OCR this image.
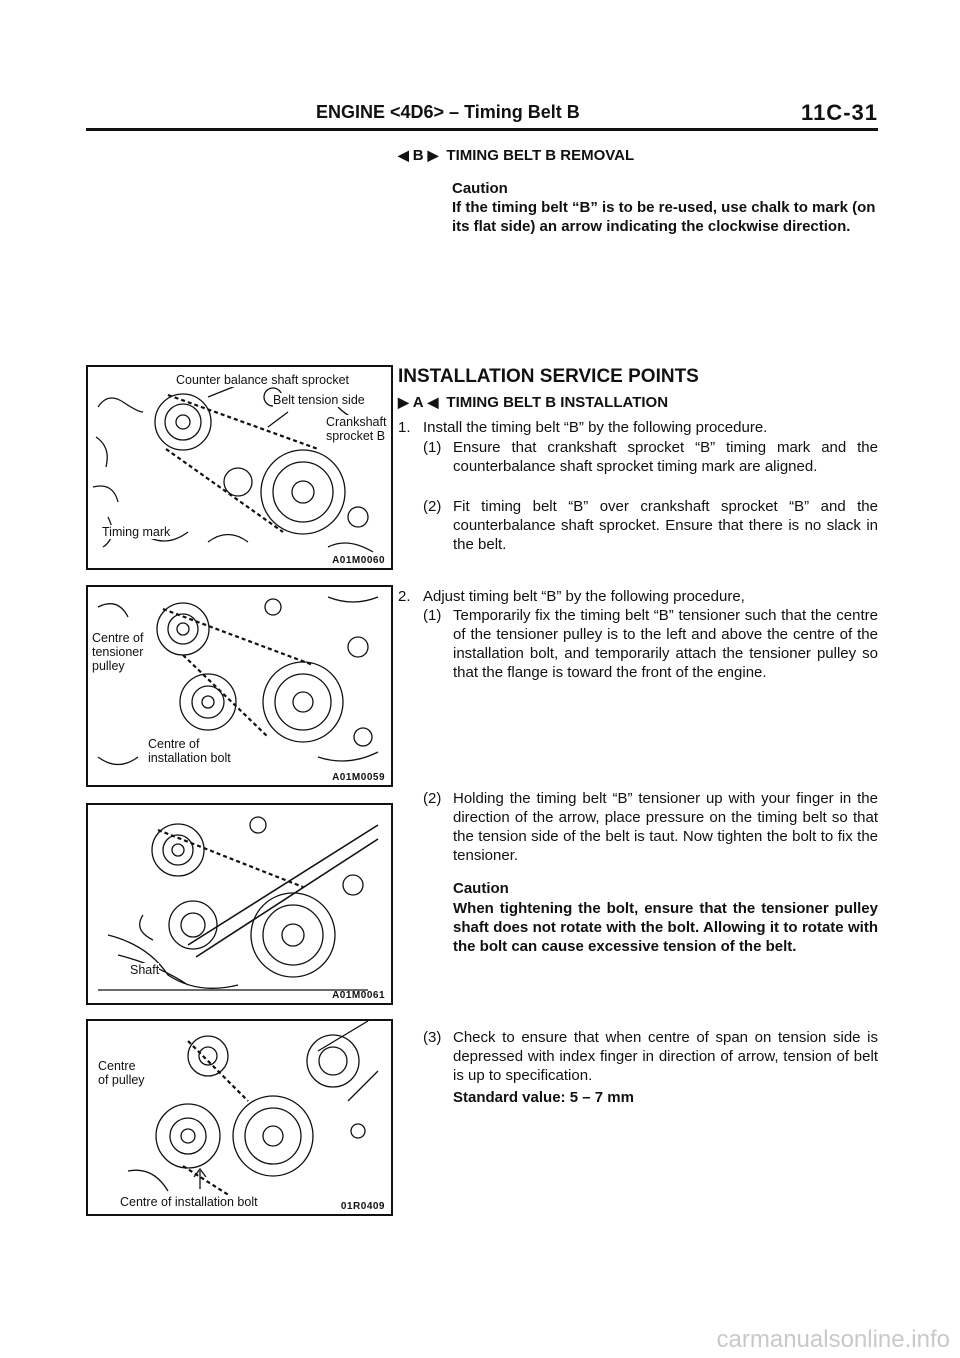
ENGINE <4D6> – Timing Belt B	11C-31
◀ B ▶ TIMING BELT B REMOVAL
Caution

If the timing belt “B” is to be re-used, use chalk to mark (on its flat side) an arrow indicating the clockwise direction.

INSTALLATION SERVICE POINTS
▶ A ◀ TIMING BELT B INSTALLATION
1. Install the timing belt “B” by the following procedure.

(1) Ensure that crankshaft sprocket “B” timing mark and the counterbalance shaft sprocket timing mark are aligned.

(2) Fit timing belt “B” over crankshaft sprocket “B” and the counterbalance shaft sprocket. Ensure that there is no slack in the belt.

2. Adjust timing belt “B” by the following procedure,

(1) Temporarily fix the timing belt “B” tensioner such that the centre of the tensioner pulley is to the left and above the centre of the installation bolt, and temporarily attach the tensioner pulley so that the flange is toward the front of the engine.

(2) Holding the timing belt “B” tensioner up with your finger in the direction of the arrow, place pressure on the timing belt so that the tension side of the belt is taut. Now tighten the bolt to fix the tensioner.

Caution

When tightening the bolt, ensure that the tensioner pulley shaft does not rotate with the bolt. Allowing it to rotate with the bolt can cause excessive tension of the belt.

(3) Check to ensure that when centre of span on tension side is depressed with index finger in direction of arrow, tension of belt is up to specification.

Standard value: 5 – 7 mm
Counter balance shaft sprocket
Belt tension side
Crankshaft sprocket B
Timing mark
A01M0060
Centre of tensioner pulley
Centre of installation bolt
A01M0059
Shaft
A01M0061
Centre of pulley
Centre of installation bolt	01R0409
carmanualsonline.info
